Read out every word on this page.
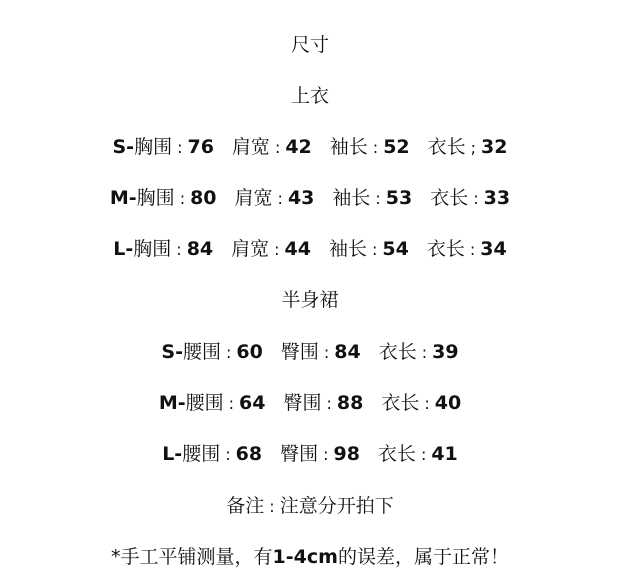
尺寸
上衣
S-胸围 : 76 肩宽 : 42 袖长 : 52 衣长 ; 32
M-胸围 : 80 肩宽 : 43 袖长 : 53 衣长 : 33
L-胸围 : 84 肩宽 : 44 袖长 : 54 衣长 : 34
半身裙
S-腰围 : 60 臀围 : 84 衣长 : 39
M-腰围 : 64 臀围 : 88 衣长 : 40
L-腰围 : 68 臀围 : 98 衣长 : 41
备注 : 注意分开拍下
*手工平铺测量，有1-4cm的误差，属于正常！
